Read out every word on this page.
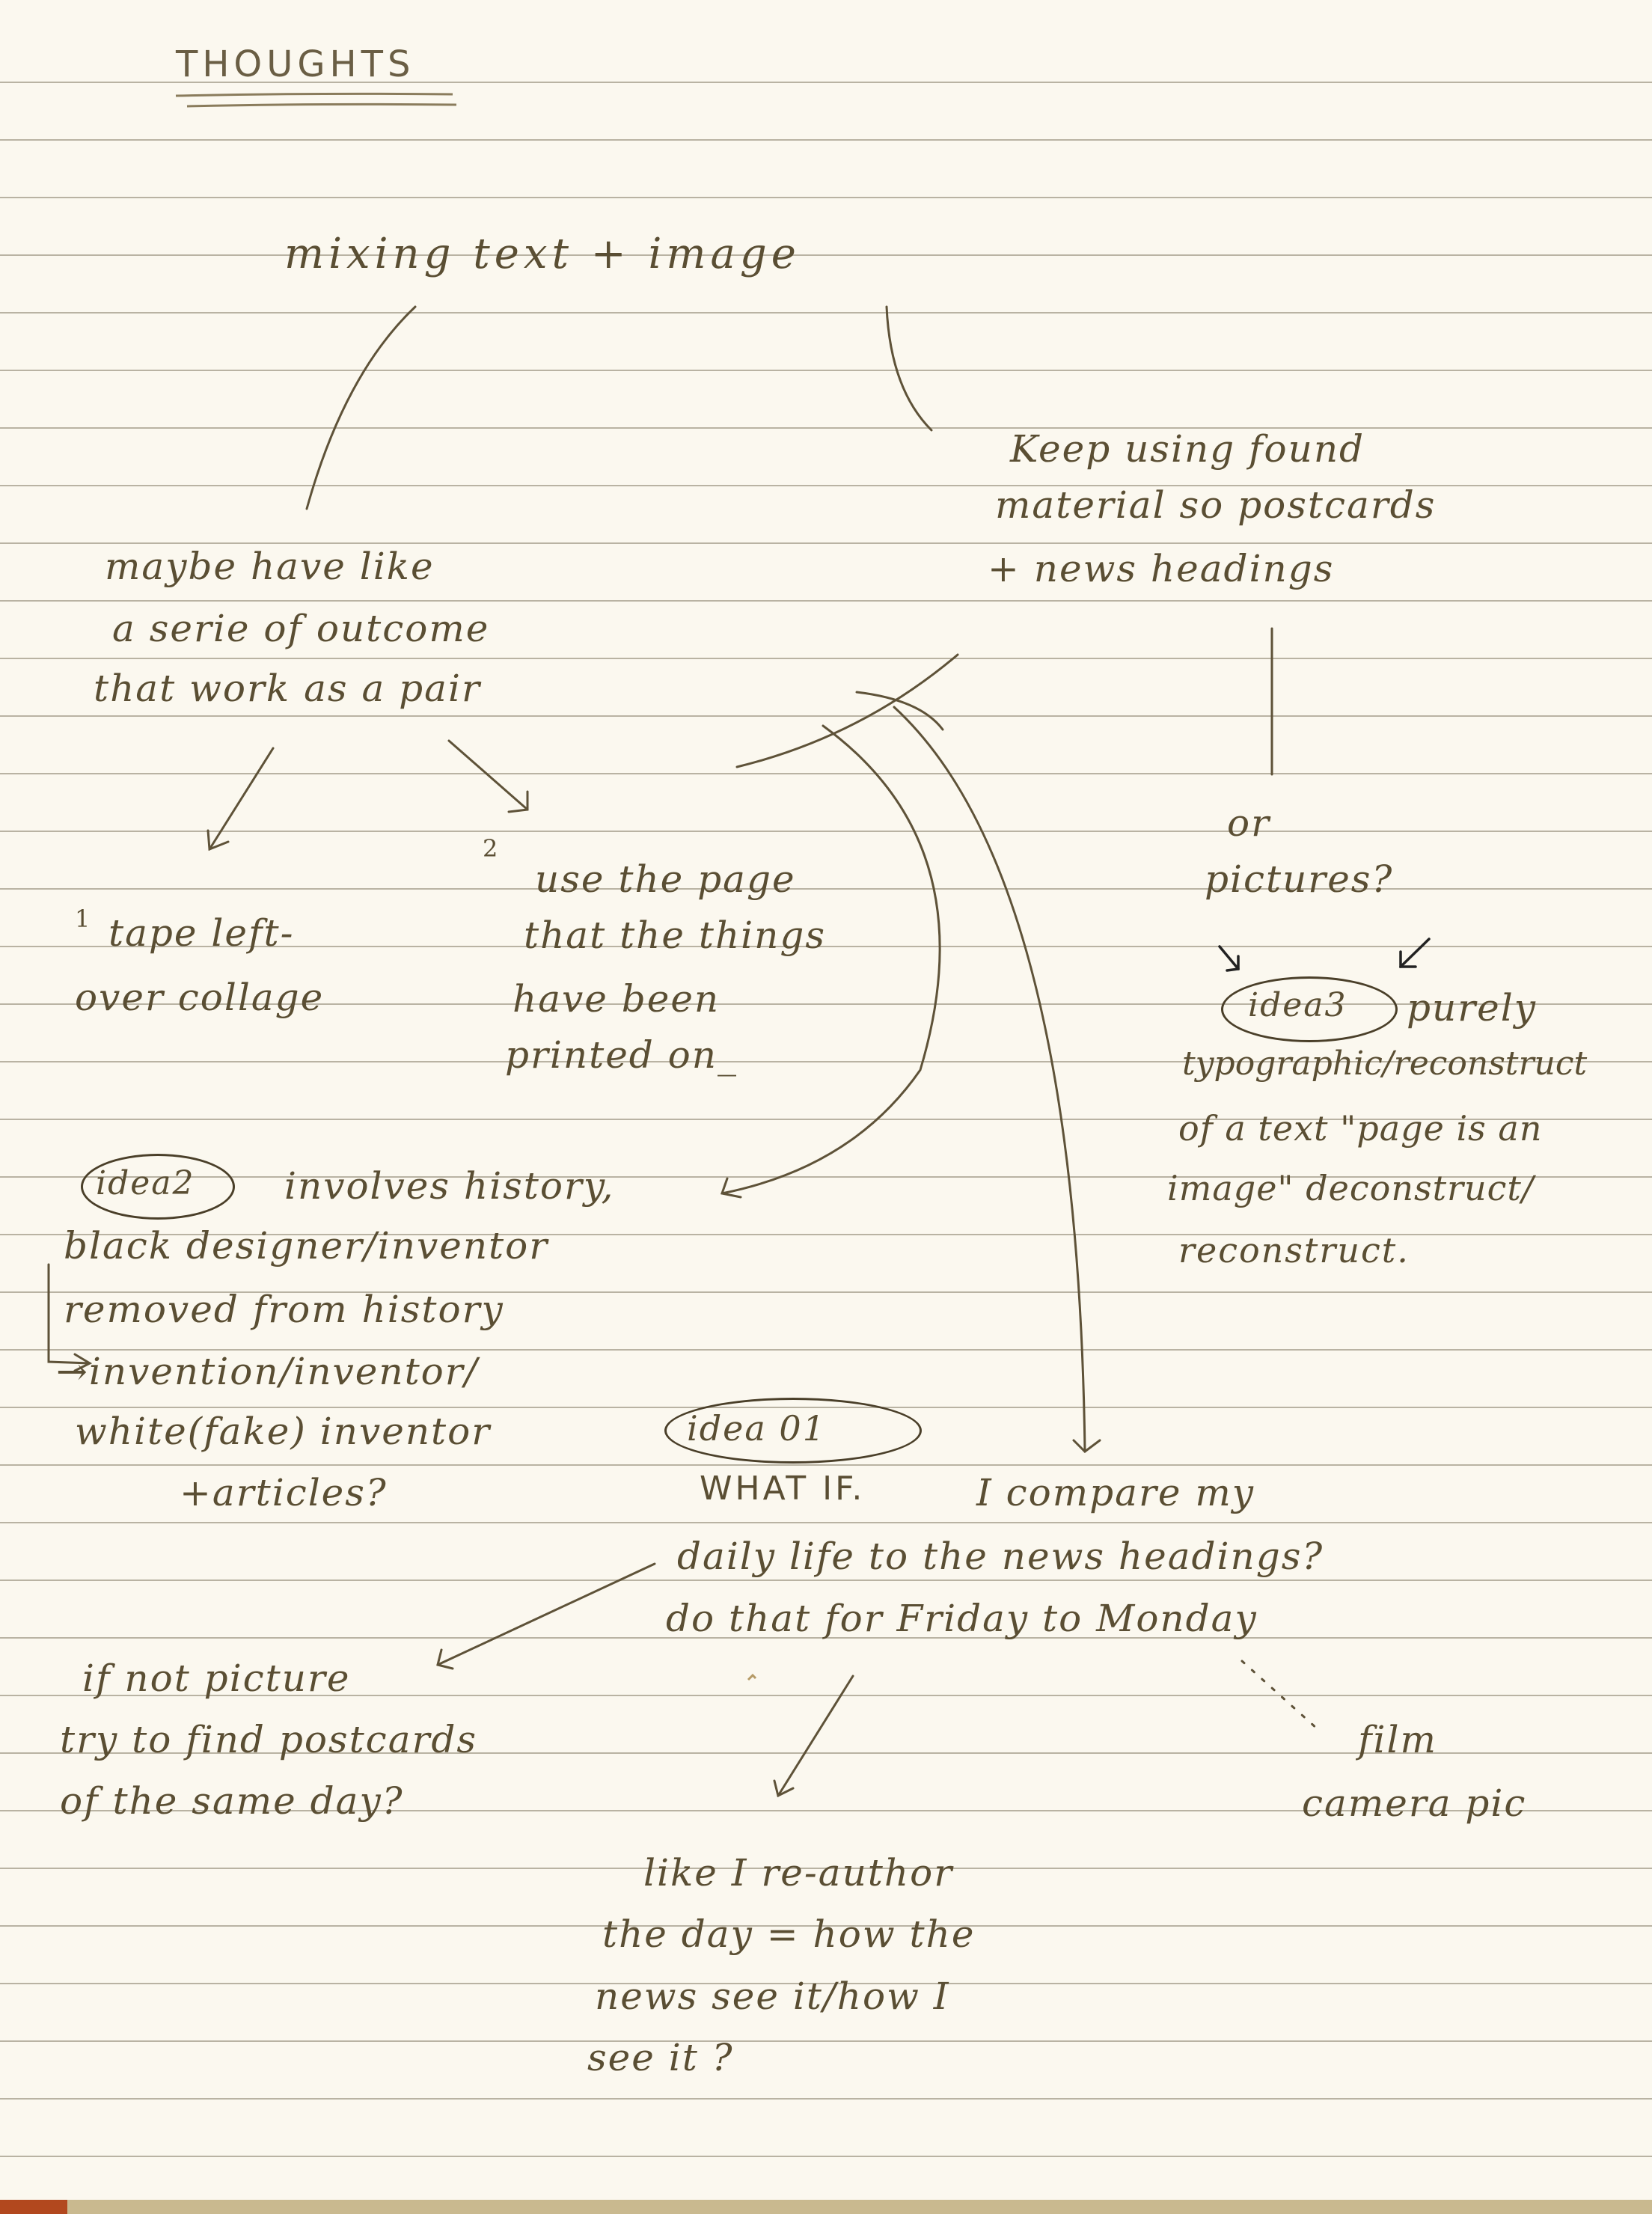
THOUGHTS
mixing text + image
maybe have like
a serie of outcome
that work as a pair
Keep using found
material so postcards
+ news headings
or
pictures?
1 tape left-
over collage
2
use the page
that the things
have been
printed on_
idea3 purely
typographic/reconstruct
of a text "page is an
image" deconstruct/
reconstruct.
idea2 involves history,
black designer/inventor
removed from history
→invention/inventor/
white(fake) inventor
+articles?
idea 01
WHAT IF.	I compare my
daily life to the news headings?
do that for Friday to Monday
if not picture
try to find postcards
of the same day?
film
camera pic
like I re-author
the day = how the
news see it/how I
see it ?
